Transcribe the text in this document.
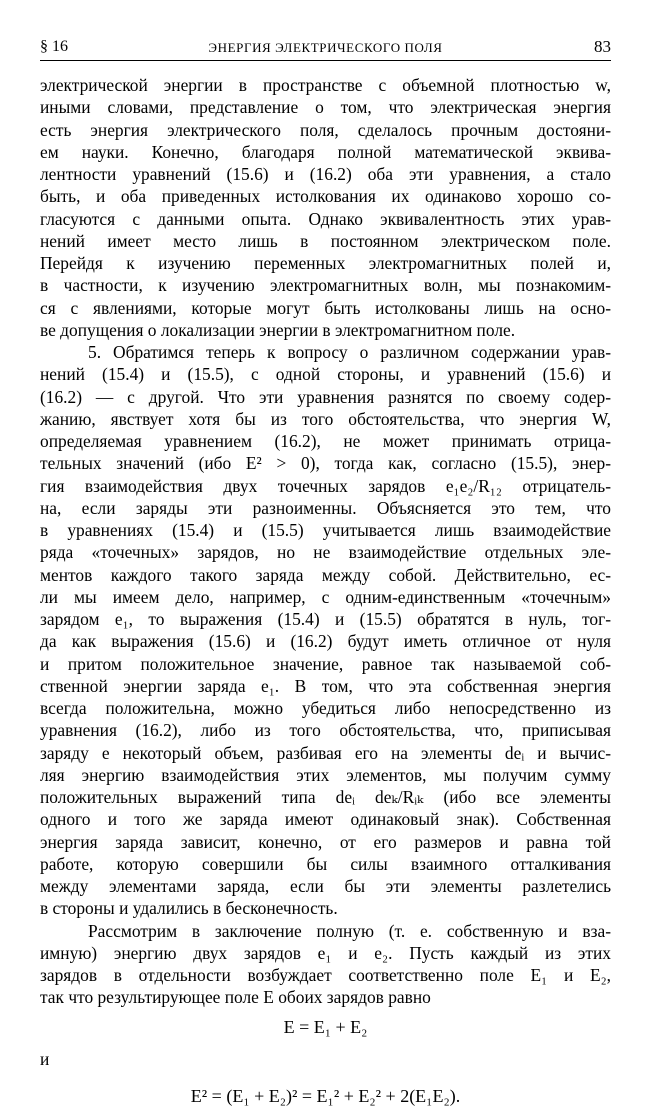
§ 16	ЭНЕРГИЯ ЭЛЕКТРИЧЕСКОГО ПОЛЯ	83
электрической энергии в пространстве с объемной плотностью w,
иными словами, представление о том, что электрическая энергия
есть энергия электрического поля, сделалось прочным достояни-
ем науки. Конечно, благодаря полной математической эквива-
лентности уравнений (15.6) и (16.2) оба эти уравнения, а стало
быть, и оба приведенных истолкования их одинаково хорошо со-
гласуются с данными опыта. Однако эквивалентность этих урав-
нений имеет место лишь в постоянном электрическом поле.
Перейдя к изучению переменных электромагнитных полей и,
в частности, к изучению электромагнитных волн, мы познакомим-
ся с явлениями, которые могут быть истолкованы лишь на осно-
ве допущения о локализации энергии в электромагнитном поле.
5. Обратимся теперь к вопросу о различном содержании урав-
нений (15.4) и (15.5), с одной стороны, и уравнений (15.6) и
(16.2) — с другой. Что эти уравнения разнятся по своему содер-
жанию, явствует хотя бы из того обстоятельства, что энергия W,
определяемая уравнением (16.2), не может принимать отрица-
тельных значений (ибо E² > 0), тогда как, согласно (15.5), энер-
гия взаимодействия двух точечных зарядов e₁e₂/R₁₂ отрицатель-
на, если заряды эти разноименны. Объясняется это тем, что
в уравнениях (15.4) и (15.5) учитывается лишь взаимодействие
ряда «точечных» зарядов, но не взаимодействие отдельных эле-
ментов каждого такого заряда между собой. Действительно, ес-
ли мы имеем дело, например, с одним-единственным «точечным»
зарядом e₁, то выражения (15.4) и (15.5) обратятся в нуль, тог-
да как выражения (15.6) и (16.2) будут иметь отличное от нуля
и притом положительное значение, равное так называемой соб-
ственной энергии заряда e₁. В том, что эта собственная энергия
всегда положительна, можно убедиться либо непосредственно из
уравнения (16.2), либо из того обстоятельства, что, приписывая
заряду e некоторый объем, разбивая его на элементы deᵢ и вычис-
ляя энергию взаимодействия этих элементов, мы получим сумму
положительных выражений типа deᵢ deₖ/Rᵢₖ (ибо все элементы
одного и того же заряда имеют одинаковый знак). Собственная
энергия заряда зависит, конечно, от его размеров и равна той
работе, которую совершили бы силы взаимного отталкивания
между элементами заряда, если бы эти элементы разлетелись
в стороны и удалились в бесконечность.
Рассмотрим в заключение полную (т. е. собственную и вза-
имную) энергию двух зарядов e₁ и e₂. Пусть каждый из этих
зарядов в отдельности возбуждает соответственно поле E₁ и E₂,
так что результирующее поле E обоих зарядов равно
E = E₁ + E₂
и
E² = (E₁ + E₂)² = E₁² + E₂² + 2(E₁E₂).
